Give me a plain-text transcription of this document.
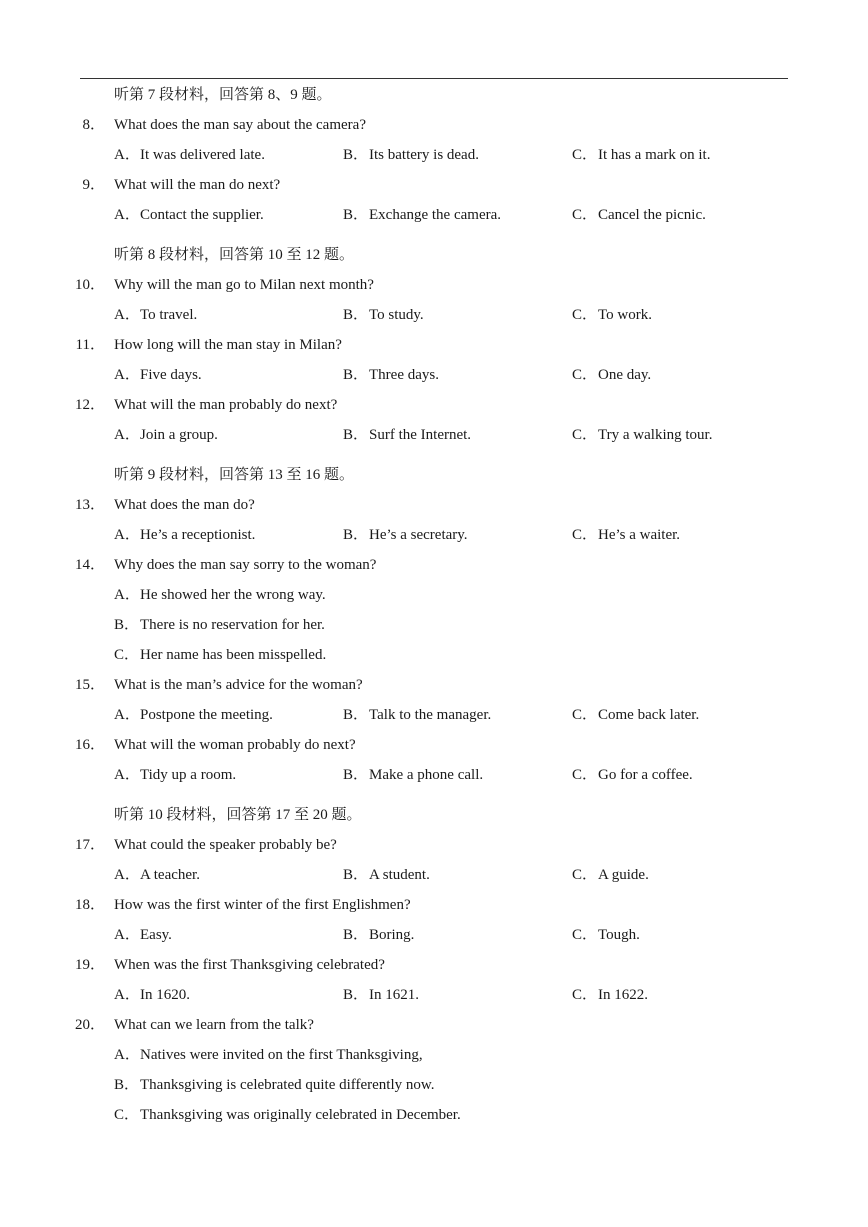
听第 7 段材料，回答第 8、9 题。
8． What does the man say about the camera?
A．It was delivered late.	B．Its battery is dead.	C．It has a mark on it.
9． What will the man do next?
A．Contact the supplier.	B．Exchange the camera.	C．Cancel the picnic.
听第 8 段材料，回答第 10 至 12 题。
10． Why will the man go to Milan next month?
A．To travel.	B．To study.	C．To work.
11． How long will the man stay in Milan?
A．Five days.	B．Three days.	C．One day.
12． What will the man probably do next?
A．Join a group.	B．Surf the Internet.	C．Try a walking tour.
听第 9 段材料，回答第 13 至 16 题。
13． What does the man do?
A．He’s a receptionist.	B．He’s a secretary.	C．He’s a waiter.
14． Why does the man say sorry to the woman?
A．He showed her the wrong way.
B．There is no reservation for her.
C．Her name has been misspelled.
15． What is the man’s advice for the woman?
A．Postpone the meeting.	B．Talk to the manager.	C．Come back later.
16． What will the woman probably do next?
A．Tidy up a room.	B．Make a phone call.	C．Go for a coffee.
听第 10 段材料，回答第 17 至 20 题。
17． What could the speaker probably be?
A．A teacher.	B．A student.	C．A guide.
18． How was the first winter of the first Englishmen?
A．Easy.	B．Boring.	C．Tough.
19． When was the first Thanksgiving celebrated?
A．In 1620.	B．In 1621.	C．In 1622.
20． What can we learn from the talk?
A．Natives were invited on the first Thanksgiving,
B．Thanksgiving is celebrated quite differently now.
C．Thanksgiving was originally celebrated in December.
